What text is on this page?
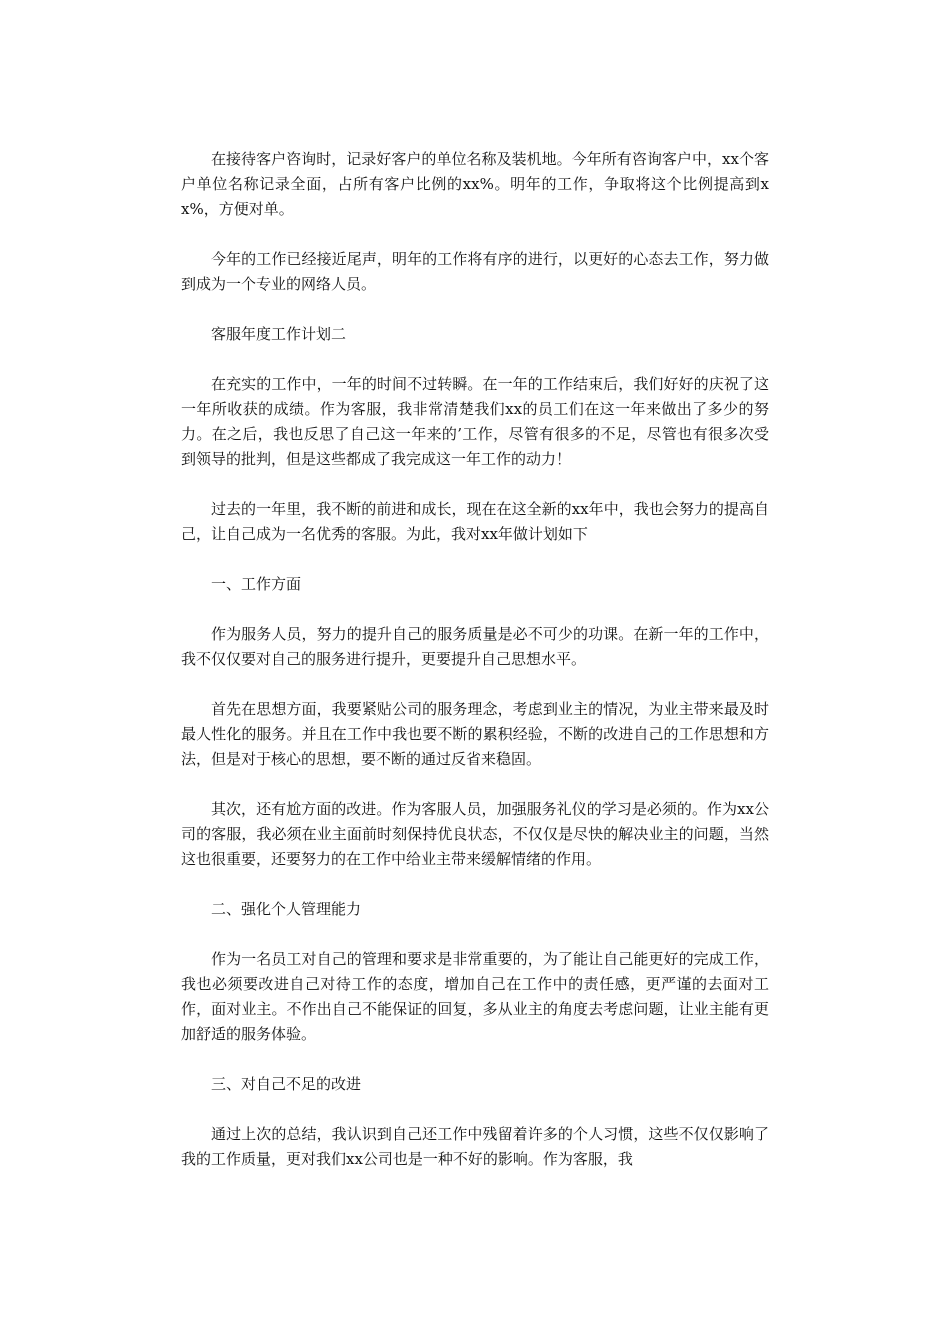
在接待客户咨询时，记录好客户的单位名称及装机地。今年所有咨询客户中，xx个客户单位名称记录全面，占所有客户比例的xx%。明年的工作，争取将这个比例提高到xx%，方便对单。

今年的工作已经接近尾声，明年的工作将有序的进行，以更好的心态去工作，努力做到成为一个专业的网络人员。

客服年度工作计划二

在充实的工作中，一年的时间不过转瞬。在一年的工作结束后，我们好好的庆祝了这一年所收获的成绩。作为客服，我非常清楚我们xx的员工们在这一年来做出了多少的努力。在之后，我也反思了自己这一年来的’工作，尽管有很多的不足，尽管也有很多次受到领导的批判，但是这些都成了我完成这一年工作的动力！

过去的一年里，我不断的前进和成长，现在在这全新的xx年中，我也会努力的提高自己，让自己成为一名优秀的客服。为此，我对xx年做计划如下

一、工作方面

作为服务人员，努力的提升自己的服务质量是必不可少的功课。在新一年的工作中，我不仅仅要对自己的服务进行提升，更要提升自己思想水平。

首先在思想方面，我要紧贴公司的服务理念，考虑到业主的情况，为业主带来最及时最人性化的服务。并且在工作中我也要不断的累积经验，不断的改进自己的工作思想和方法，但是对于核心的思想，要不断的通过反省来稳固。

其次，还有尬方面的改进。作为客服人员，加强服务礼仪的学习是必须的。作为xx公司的客服，我必须在业主面前时刻保持优良状态，不仅仅是尽快的解决业主的问题，当然这也很重要，还要努力的在工作中给业主带来缓解情绪的作用。

二、强化个人管理能力

作为一名员工对自己的管理和要求是非常重要的，为了能让自己能更好的完成工作，我也必须要改进自己对待工作的态度，增加自己在工作中的责任感，更严谨的去面对工作，面对业主。不作出自己不能保证的回复，多从业主的角度去考虑问题，让业主能有更加舒适的服务体验。

三、对自己不足的改进

通过上次的总结，我认识到自己还工作中残留着许多的个人习惯，这些不仅仅影响了我的工作质量，更对我们xx公司也是一种不好的影响。作为客服，我
